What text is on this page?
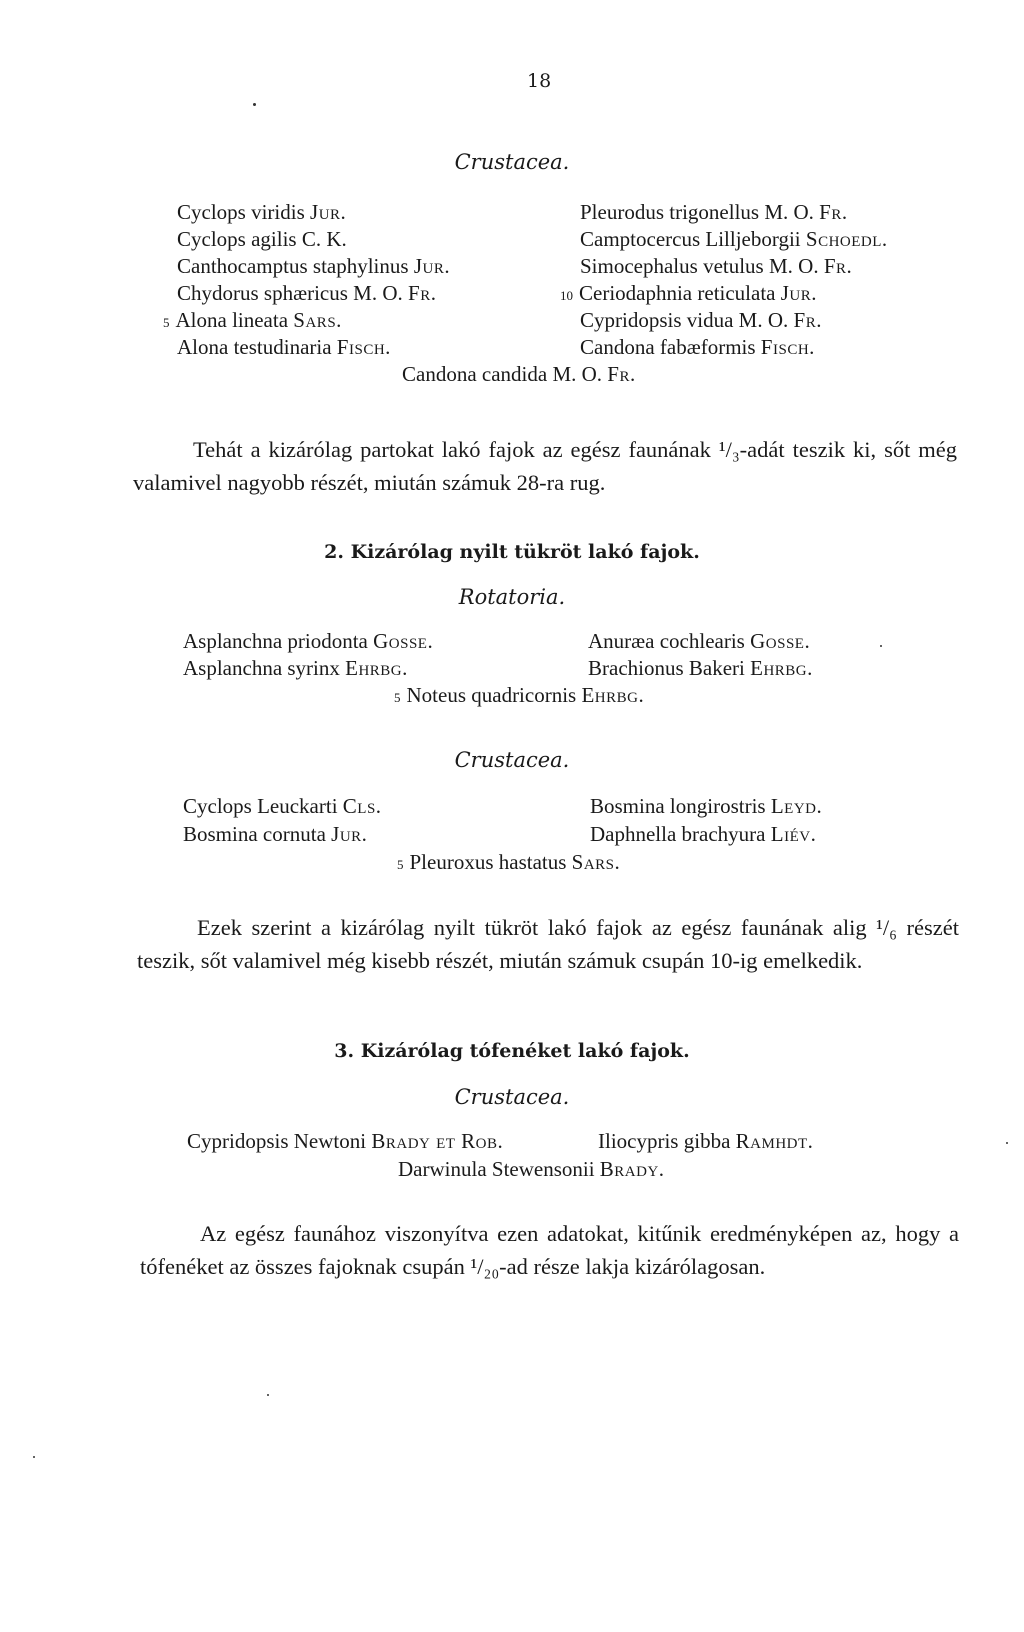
18
Crustacea.
Cyclops viridis Jur.
Cyclops agilis C. K.
Canthocamptus staphylinus Jur.
Chydorus sphæricus M. O. Fr.
5 Alona lineata Sars.
Alona testudinaria Fisch.
Pleurodus trigonellus M. O. Fr.
Camptocercus Lilljeborgii Schoedl.
Simocephalus vetulus M. O. Fr.
10 Ceriodaphnia reticulata Jur.
Cypridopsis vidua M. O. Fr.
Candona fabæformis Fisch.
Candona candida M. O. Fr.
Tehát a kizárólag partokat lakó fajok az egész faunának ¹/₃-adát teszik ki, sőt még valamivel nagyobb részét, miután számuk 28-ra rug.
2. Kizárólag nyilt tükröt lakó fajok.
Rotatoria.
Asplanchna priodonta Gosse.
Asplanchna syrinx Ehrbg.
Anuræa cochlearis Gosse.
Brachionus Bakeri Ehrbg.
5 Noteus quadricornis Ehrbg.
Crustacea.
Cyclops Leuckarti Cls.
Bosmina cornuta Jur.
Bosmina longirostris Leyd.
Daphnella brachyura Liév.
5 Pleuroxus hastatus Sars.
Ezek szerint a kizárólag nyilt tükröt lakó fajok az egész faunának alig ¹/₆ részét teszik, sőt valamivel még kisebb részét, miután számuk csupán 10-ig emelkedik.
3. Kizárólag tófenéket lakó fajok.
Crustacea.
Cypridopsis Newtoni Brady et Rob.	Iliocypris gibba Ramhdt.
Darwinula Stewensonii Brady.
Az egész faunához viszonyítva ezen adatokat, kitűnik eredményképen az, hogy a tófenéket az összes fajoknak csupán ¹/₂₀-ad része lakja kizárólagosan.
